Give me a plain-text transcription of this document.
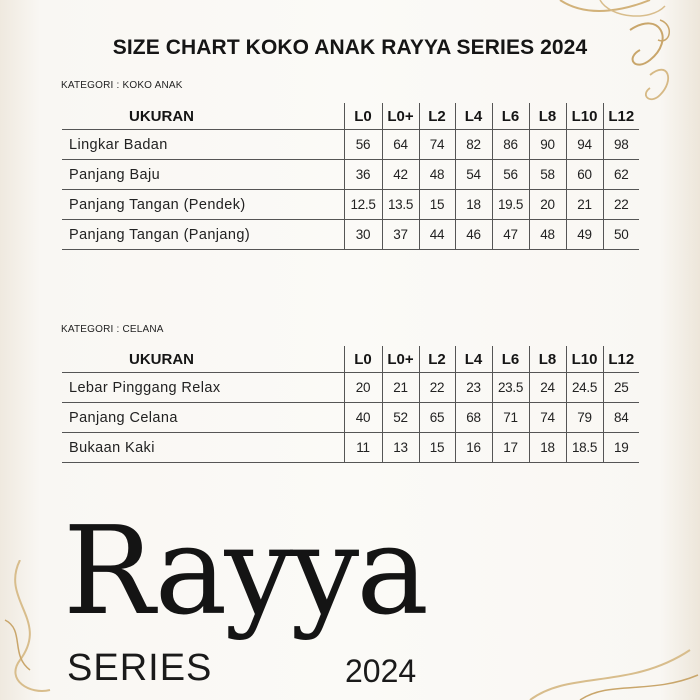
SIZE CHART KOKO ANAK RAYYA SERIES 2024
KATEGORI : KOKO ANAK
UKURAN	L0	L0+	L2	L4	L6	L8	L10	L12
Lingkar Badan	56	64	74	82	86	90	94	98
Panjang Baju	36	42	48	54	56	58	60	62
Panjang Tangan (Pendek)	12.5	13.5	15	18	19.5	20	21	22
Panjang Tangan (Panjang)	30	37	44	46	47	48	49	50
KATEGORI : CELANA
UKURAN	L0	L0+	L2	L4	L6	L8	L10	L12
Lebar Pinggang Relax	20	21	22	23	23.5	24	24.5	25
Panjang Celana	40	52	65	68	71	74	79	84
Bukaan Kaki	11	13	15	16	17	18	18.5	19
Rayya
SERIES	2024
